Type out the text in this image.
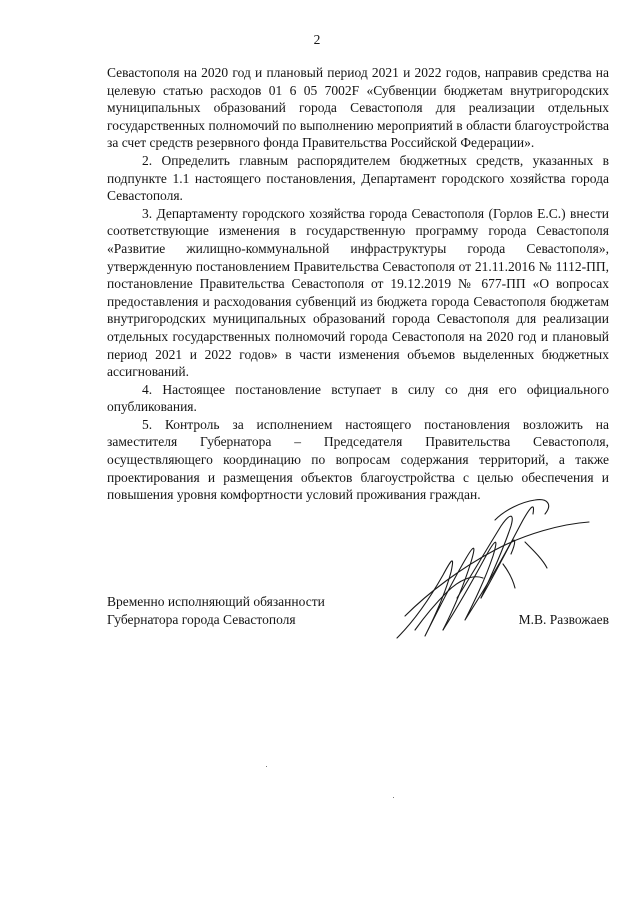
2

Севастополя на 2020 год и плановый период 2021 и 2022 годов, направив средства на целевую статью расходов 01 6 05 7002F «Субвенции бюджетам внутригородских муниципальных образований города Севастополя для реализации отдельных государственных полномочий по выполнению мероприятий в области благоустройства за счет средств резервного фонда Правительства Российской Федерации».

2. Определить главным распорядителем бюджетных средств, указанных в подпункте 1.1 настоящего постановления, Департамент городского хозяйства города Севастополя.

3. Департаменту городского хозяйства города Севастополя (Горлов Е.С.) внести соответствующие изменения в государственную программу города Севастополя «Развитие жилищно-коммунальной инфраструктуры города Севастополя», утвержденную постановлением Правительства Севастополя от 21.11.2016 № 1112-ПП, постановление Правительства Севастополя от 19.12.2019 № 677-ПП «О вопросах предоставления и расходования субвенций из бюджета города Севастополя бюджетам внутригородских муниципальных образований города Севастополя для реализации отдельных государственных полномочий города Севастополя на 2020 год и плановый период 2021 и 2022 годов» в части изменения объемов выделенных бюджетных ассигнований.

4. Настоящее постановление вступает в силу со дня его официального опубликования.

5. Контроль за исполнением настоящего постановления возложить на заместителя Губернатора – Председателя Правительства Севастополя, осуществляющего координацию по вопросам содержания территорий, а также проектирования и размещения объектов благоустройства с целью обеспечения и повышения уровня комфортности условий проживания граждан.

Временно исполняющий обязанности
Губернатора города Севастополя	М.В. Развожаев
